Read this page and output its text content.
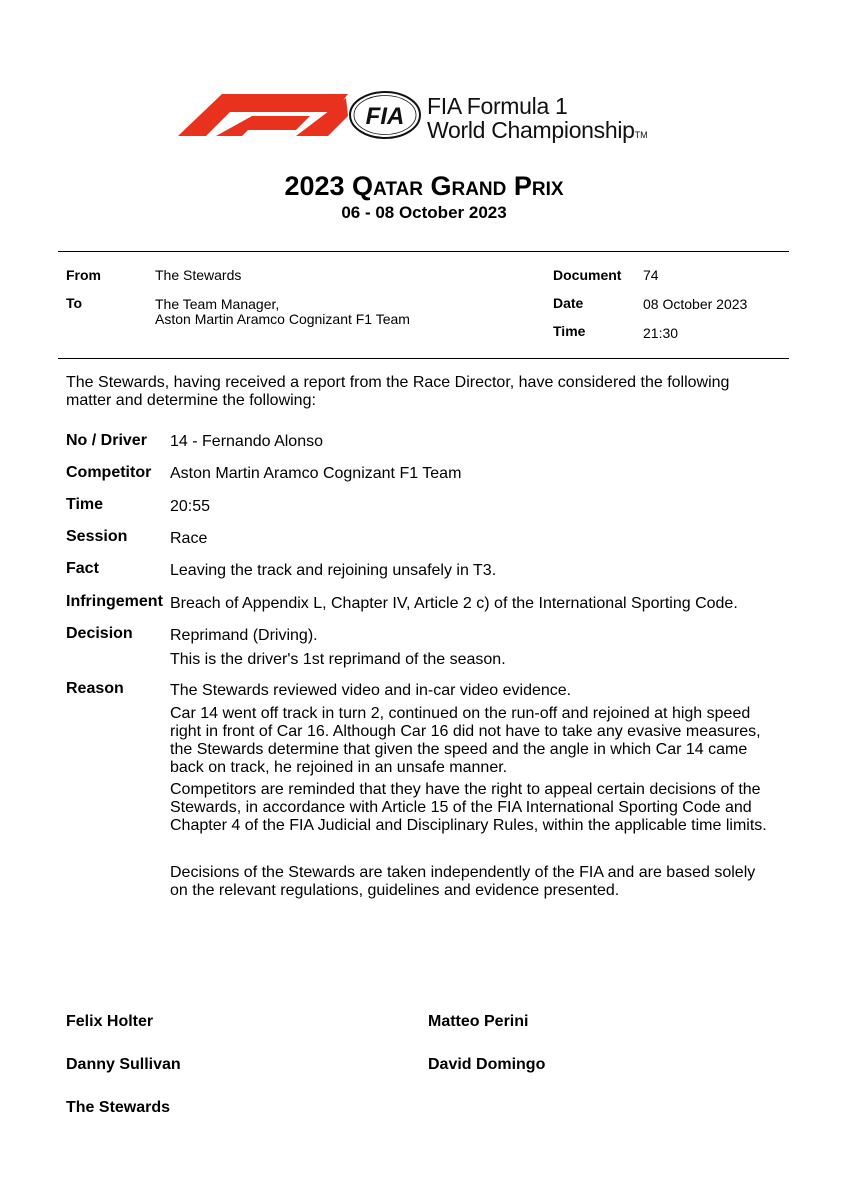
FIA FIA Formula 1
World ChampionshipTM
2023 Qatar Grand Prix
06 - 08 October 2023
From	The Stewards
To	The Team Manager,
Aston Martin Aramco Cognizant F1 Team
Document 74
Date	08 October 2023
Time	21:30
The Stewards, having received a report from the Race Director, have considered the following
matter and determine the following:
No / Driver 14 - Fernando Alonso
Competitor Aston Martin Aramco Cognizant F1 Team
Time	20:55
Session	Race
Fact	Leaving the track and rejoining unsafely in T3.
Infringement Breach of Appendix L, Chapter IV, Article 2 c) of the International Sporting Code.
Decision Reprimand (Driving).
This is the driver's 1st reprimand of the season.
Reason	The Stewards reviewed video and in-car video evidence.
Car 14 went off track in turn 2, continued on the run-off and rejoined at high speed
right in front of Car 16. Although Car 16 did not have to take any evasive measures,
the Stewards determine that given the speed and the angle in which Car 14 came
back on track, he rejoined in an unsafe manner.
Competitors are reminded that they have the right to appeal certain decisions of the
Stewards, in accordance with Article 15 of the FIA International Sporting Code and
Chapter 4 of the FIA Judicial and Disciplinary Rules, within the applicable time limits.
Decisions of the Stewards are taken independently of the FIA and are based solely
on the relevant regulations, guidelines and evidence presented.
Felix Holter	Matteo Perini
Danny Sullivan	David Domingo
The Stewards
